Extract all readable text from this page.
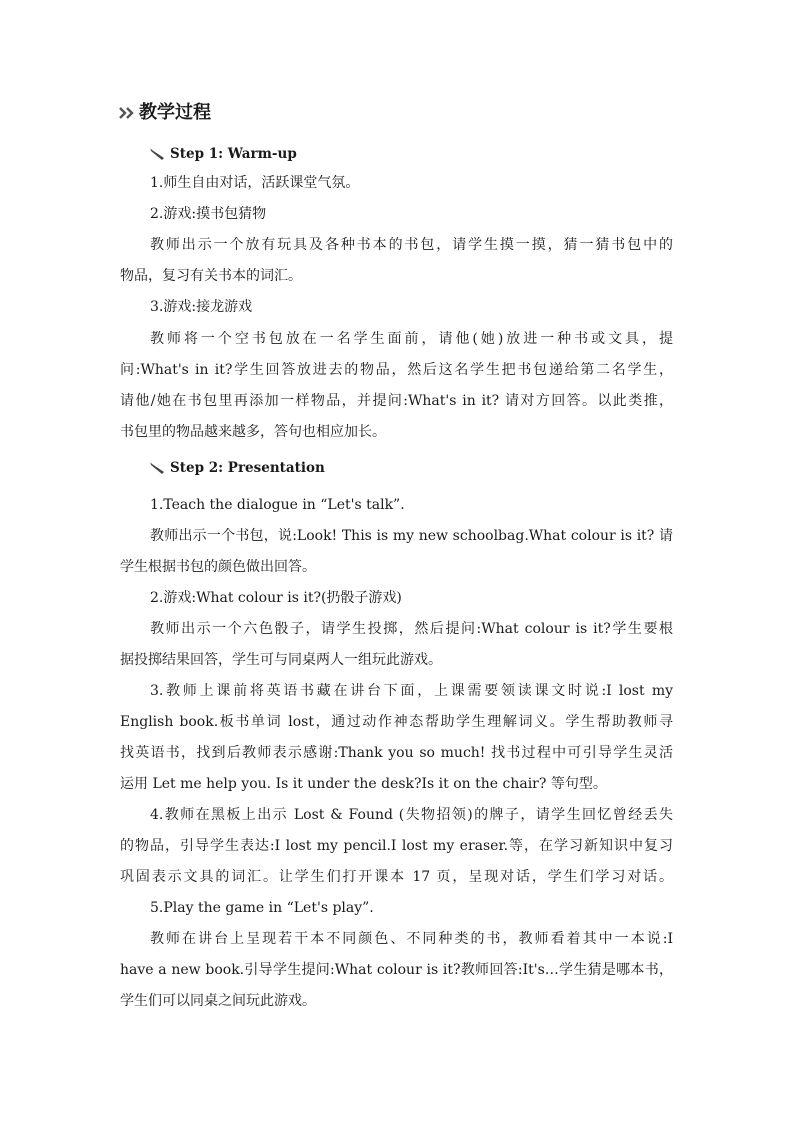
教学过程
Step 1: Warm-up
1.师生自由对话，活跃课堂气氛。
2.游戏:摸书包猜物
教师出示一个放有玩具及各种书本的书包，请学生摸一摸，猜一猜书包中的
物品，复习有关书本的词汇。
3.游戏:接龙游戏
教师将一个空书包放在一名学生面前，请他(她)放进一种书或文具，提
问:What's in it?学生回答放进去的物品，然后这名学生把书包递给第二名学生，
请他/她在书包里再添加一样物品，并提问:What's in it? 请对方回答。以此类推，
书包里的物品越来越多，答句也相应加长。
Step 2: Presentation
1.Teach the dialogue in “Let's talk”.
教师出示一个书包，说:Look! This is my new schoolbag.What colour is it? 请
学生根据书包的颜色做出回答。
2.游戏:What colour is it?(扔骰子游戏)
教师出示一个六色骰子，请学生投掷，然后提问:What colour is it?学生要根
据投掷结果回答，学生可与同桌两人一组玩此游戏。
3.教师上课前将英语书藏在讲台下面，上课需要领读课文时说:I lost my
English book.板书单词 lost，通过动作神态帮助学生理解词义。学生帮助教师寻
找英语书，找到后教师表示感谢:Thank you so much! 找书过程中可引导学生灵活
运用 Let me help you. Is it under the desk?Is it on the chair? 等句型。
4.教师在黑板上出示 Lost & Found (失物招领)的牌子，请学生回忆曾经丢失
的物品，引导学生表达:I lost my pencil.I lost my eraser.等，在学习新知识中复习
巩固表示文具的词汇。让学生们打开课本 17 页，呈现对话，学生们学习对话。
5.Play the game in “Let's play”.
教师在讲台上呈现若干本不同颜色、不同种类的书，教师看着其中一本说:I
have a new book.引导学生提问:What colour is it?教师回答:It's…学生猜是哪本书，
学生们可以同桌之间玩此游戏。
